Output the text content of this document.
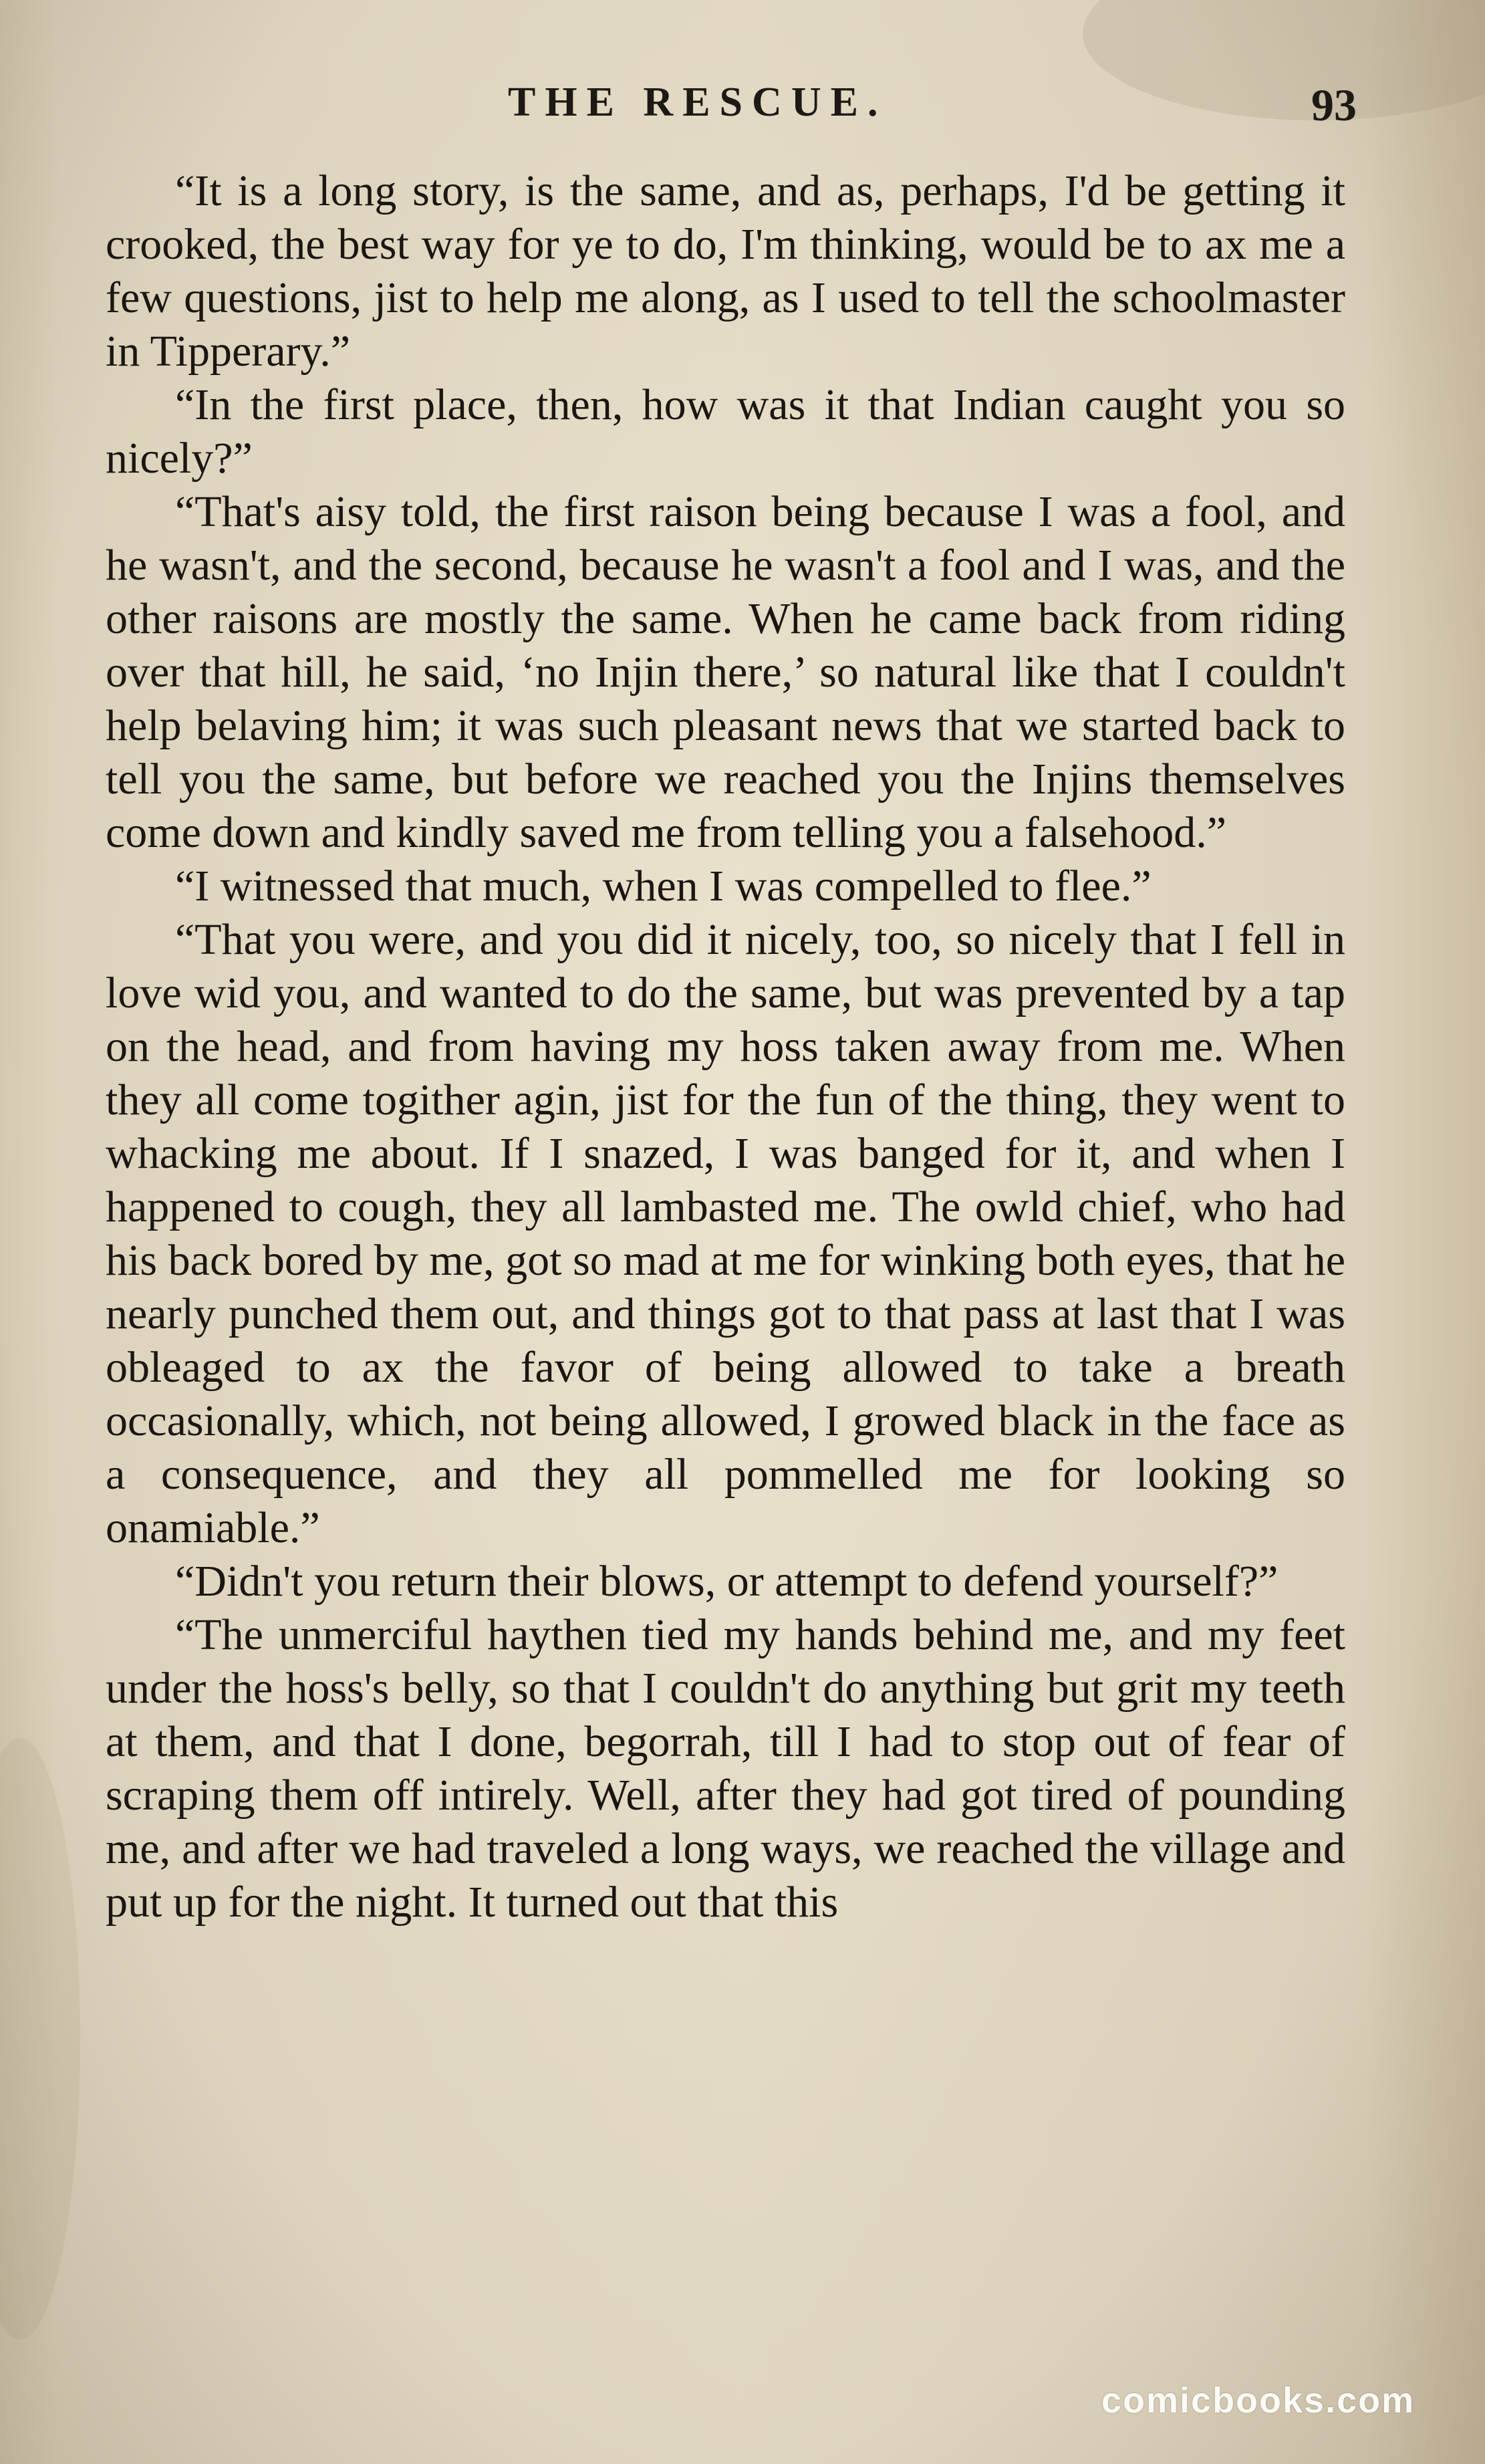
THE RESCUE.	93

“It is a long story, is the same, and as, perhaps, I'd be getting it crooked, the best way for ye to do, I'm thinking, would be to ax me a few questions, jist to help me along, as I used to tell the schoolmaster in Tipperary.”

“In the first place, then, how was it that Indian caught you so nicely?”

“That's aisy told, the first raison being because I was a fool, and he wasn't, and the second, because he wasn't a fool and I was, and the other raisons are mostly the same. When he came back from riding over that hill, he said, ‘no Injin there,’ so natural like that I couldn't help belaving him; it was such pleasant news that we started back to tell you the same, but before we reached you the Injins themselves come down and kindly saved me from telling you a falsehood.”

“I witnessed that much, when I was compelled to flee.”

“That you were, and you did it nicely, too, so nicely that I fell in love wid you, and wanted to do the same, but was prevented by a tap on the head, and from having my hoss taken away from me. When they all come togither agin, jist for the fun of the thing, they went to whacking me about. If I snazed, I was banged for it, and when I happened to cough, they all lambasted me. The owld chief, who had his back bored by me, got so mad at me for winking both eyes, that he nearly punched them out, and things got to that pass at last that I was obleaged to ax the favor of being allowed to take a breath occasionally, which, not being allowed, I growed black in the face as a consequence, and they all pommelled me for looking so onamiable.”

“Didn't you return their blows, or attempt to defend yourself?”

“The unmerciful haythen tied my hands behind me, and my feet under the hoss's belly, so that I couldn't do anything but grit my teeth at them, and that I done, begorrah, till I had to stop out of fear of scraping them off intirely. Well, after they had got tired of pounding me, and after we had traveled a long ways, we reached the village and put up for the night. It turned out that this

comicbooks.com
